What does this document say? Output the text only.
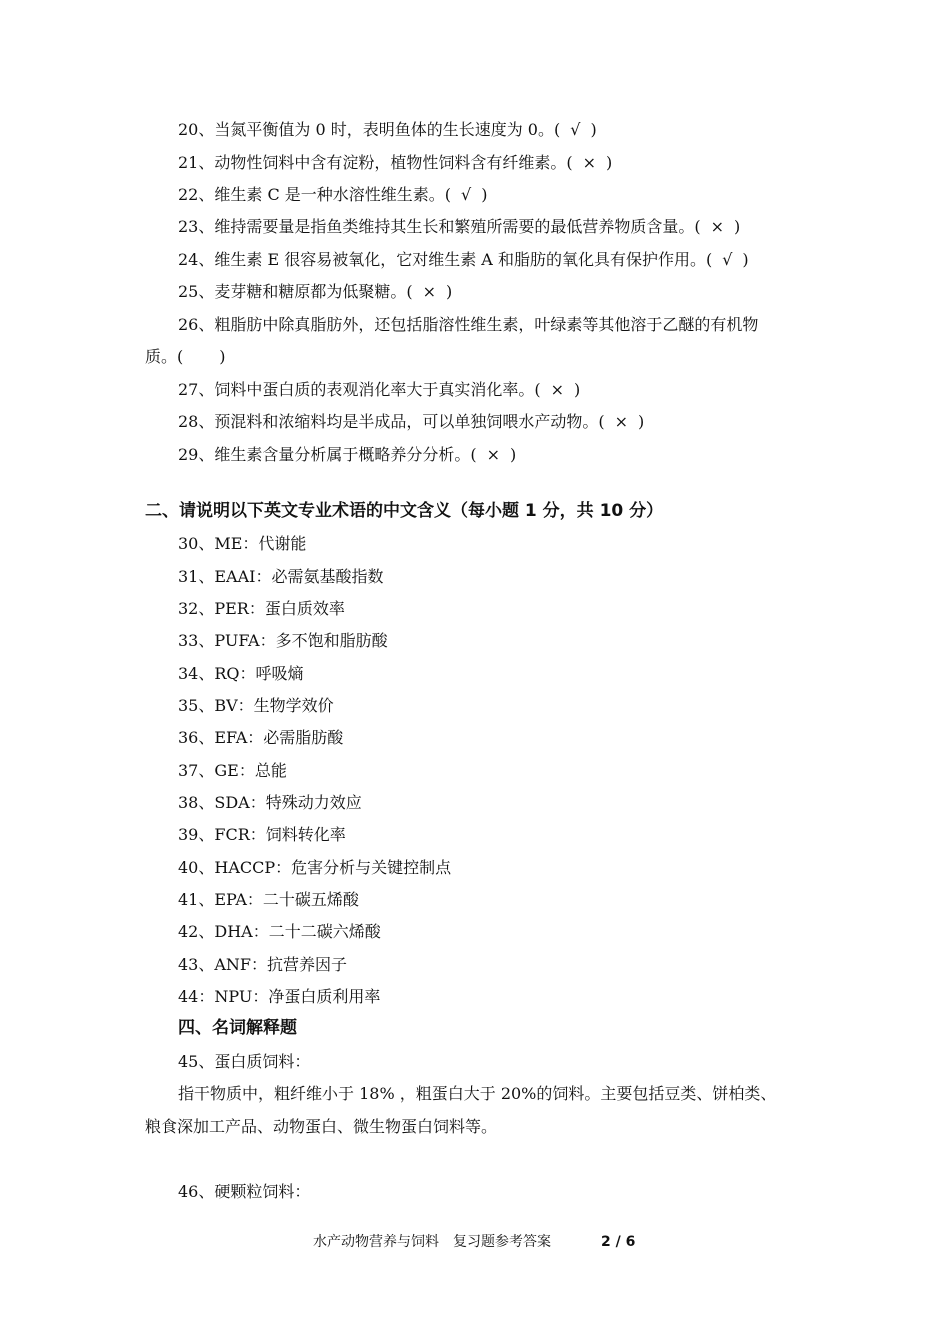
20、当氮平衡值为 0 时，表明鱼体的生长速度为 0。( √ )
21、动物性饲料中含有淀粉，植物性饲料含有纤维素。( × )
22、维生素 C 是一种水溶性维生素。( √ )
23、维持需要量是指鱼类维持其生长和繁殖所需要的最低营养物质含量。( × )
24、维生素 E 很容易被氧化，它对维生素 A 和脂肪的氧化具有保护作用。( √ )
25、麦芽糖和糖原都为低聚糖。( × )
26、粗脂肪中除真脂肪外，还包括脂溶性维生素，叶绿素等其他溶于乙醚的有机物
质。( )
27、饲料中蛋白质的表观消化率大于真实消化率。( × )
28、预混料和浓缩料均是半成品，可以单独饲喂水产动物。( × )
29、维生素含量分析属于概略养分分析。( × )
二、请说明以下英文专业术语的中文含义（每小题 1 分，共 10 分）
30、ME：代谢能
31、EAAI：必需氨基酸指数
32、PER：蛋白质效率
33、PUFA：多不饱和脂肪酸
34、RQ：呼吸熵
35、BV：生物学效价
36、EFA：必需脂肪酸
37、GE：总能
38、SDA：特殊动力效应
39、FCR：饲料转化率
40、HACCP：危害分析与关键控制点
41、EPA：二十碳五烯酸
42、DHA：二十二碳六烯酸
43、ANF：抗营养因子
44：NPU：净蛋白质利用率
四、名词解释题
45、蛋白质饲料：
指干物质中，粗纤维小于 18% ，粗蛋白大于 20%的饲料。主要包括豆类、饼柏类、
粮食深加工产品、动物蛋白、微生物蛋白饲料等。
46、硬颗粒饲料：
水产动物营养与饲料　复习题参考答案	2 / 6
